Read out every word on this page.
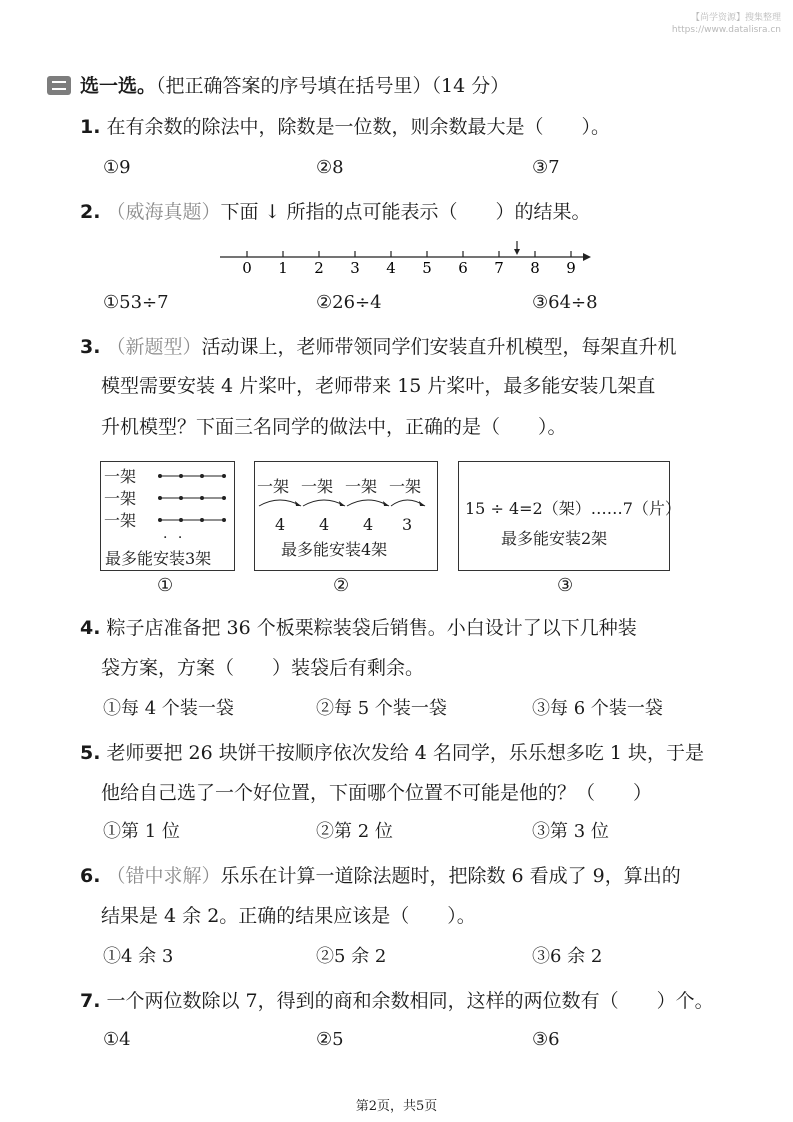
【尚学资源】搜集整理
https://www.datalisra.cn
选一选。（把正确答案的序号填在括号里）（14 分）
1. 在有余数的除法中，除数是一位数，则余数最大是（　　）。
①9	②8	③7
2. （威海真题）下面 ↓ 所指的点可能表示（　　）的结果。
0 1 2 3 4 5 6 7 8 9
①53÷7	②26÷4	③64÷8
3. （新题型）活动课上，老师带领同学们安装直升机模型，每架直升机
模型需要安装 4 片桨叶，老师带来 15 片桨叶，最多能安装几架直
升机模型？下面三名同学的做法中，正确的是（　　）。
一架
一架
一架
· ·
最多能安装3架
①
一架 一架 一架 一架
4 4 4 3
最多能安装4架
②
15 ÷ 4=2（架）……7（片）
最多能安装2架
③
4. 粽子店准备把 36 个板栗粽装袋后销售。小白设计了以下几种装
袋方案，方案（　　）装袋后有剩余。
①每 4 个装一袋	②每 5 个装一袋	③每 6 个装一袋
5. 老师要把 26 块饼干按顺序依次发给 4 名同学，乐乐想多吃 1 块，于是
他给自己选了一个好位置，下面哪个位置不可能是他的？（　　）
①第 1 位	②第 2 位	③第 3 位
6. （错中求解）乐乐在计算一道除法题时，把除数 6 看成了 9，算出的
结果是 4 余 2。正确的结果应该是（　　）。
①4 余 3	②5 余 2	③6 余 2
7. 一个两位数除以 7，得到的商和余数相同，这样的两位数有（　　）个。
①4	②5	③6
第2页，共5页
